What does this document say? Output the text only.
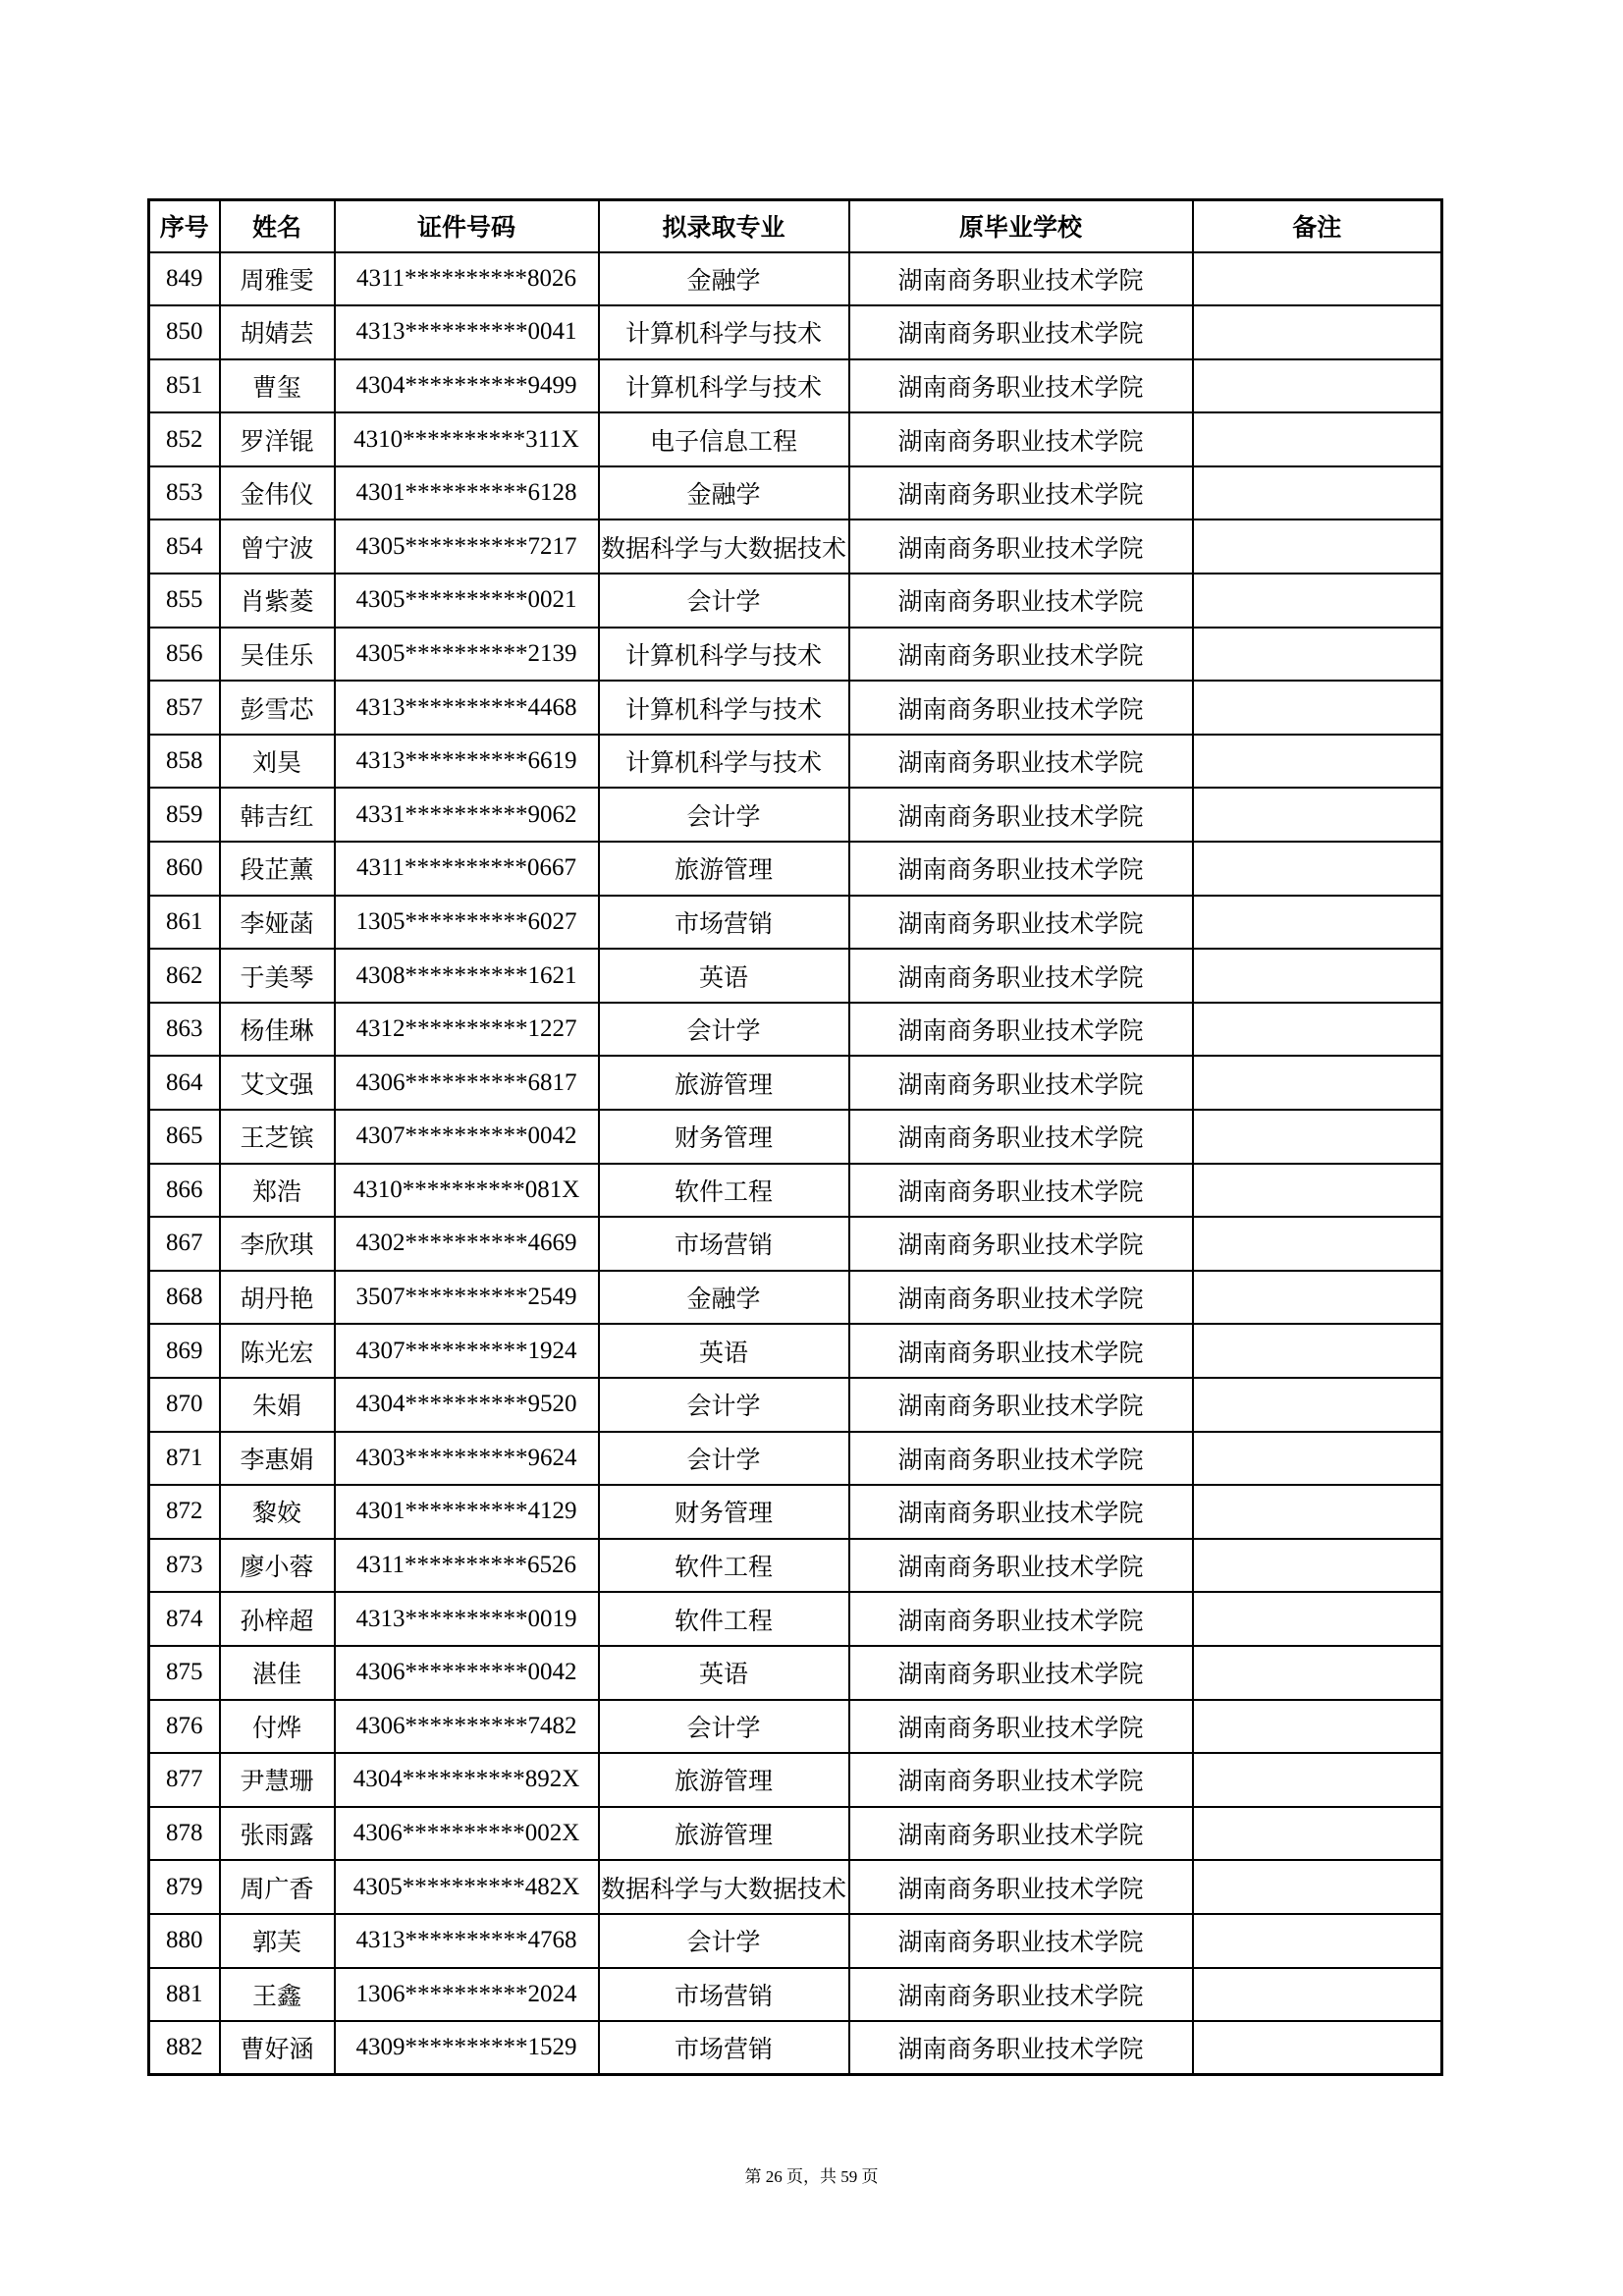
序号	姓名	证件号码	拟录取专业	原毕业学校	备注
849	周雅雯	4311**********8026	金融学	湖南商务职业技术学院	
850	胡婧芸	4313**********0041	计算机科学与技术	湖南商务职业技术学院	
851	曹玺	4304**********9499	计算机科学与技术	湖南商务职业技术学院	
852	罗洋锟	4310**********311X	电子信息工程	湖南商务职业技术学院	
853	金伟仪	4301**********6128	金融学	湖南商务职业技术学院	
854	曾宁波	4305**********7217	数据科学与大数据技术	湖南商务职业技术学院	
855	肖紫菱	4305**********0021	会计学	湖南商务职业技术学院	
856	吴佳乐	4305**********2139	计算机科学与技术	湖南商务职业技术学院	
857	彭雪芯	4313**********4468	计算机科学与技术	湖南商务职业技术学院	
858	刘昊	4313**********6619	计算机科学与技术	湖南商务职业技术学院	
859	韩吉红	4331**********9062	会计学	湖南商务职业技术学院	
860	段芷薰	4311**********0667	旅游管理	湖南商务职业技术学院	
861	李娅菡	1305**********6027	市场营销	湖南商务职业技术学院	
862	于美琴	4308**********1621	英语	湖南商务职业技术学院	
863	杨佳琳	4312**********1227	会计学	湖南商务职业技术学院	
864	艾文强	4306**********6817	旅游管理	湖南商务职业技术学院	
865	王芝镔	4307**********0042	财务管理	湖南商务职业技术学院	
866	郑浩	4310**********081X	软件工程	湖南商务职业技术学院	
867	李欣琪	4302**********4669	市场营销	湖南商务职业技术学院	
868	胡丹艳	3507**********2549	金融学	湖南商务职业技术学院	
869	陈光宏	4307**********1924	英语	湖南商务职业技术学院	
870	朱娟	4304**********9520	会计学	湖南商务职业技术学院	
871	李惠娟	4303**********9624	会计学	湖南商务职业技术学院	
872	黎姣	4301**********4129	财务管理	湖南商务职业技术学院	
873	廖小蓉	4311**********6526	软件工程	湖南商务职业技术学院	
874	孙梓超	4313**********0019	软件工程	湖南商务职业技术学院	
875	湛佳	4306**********0042	英语	湖南商务职业技术学院	
876	付烨	4306**********7482	会计学	湖南商务职业技术学院	
877	尹慧珊	4304**********892X	旅游管理	湖南商务职业技术学院	
878	张雨露	4306**********002X	旅游管理	湖南商务职业技术学院	
879	周广香	4305**********482X	数据科学与大数据技术	湖南商务职业技术学院	
880	郭芙	4313**********4768	会计学	湖南商务职业技术学院	
881	王鑫	1306**********2024	市场营销	湖南商务职业技术学院	
882	曹好涵	4309**********1529	市场营销	湖南商务职业技术学院	
第 26 页，共 59 页
